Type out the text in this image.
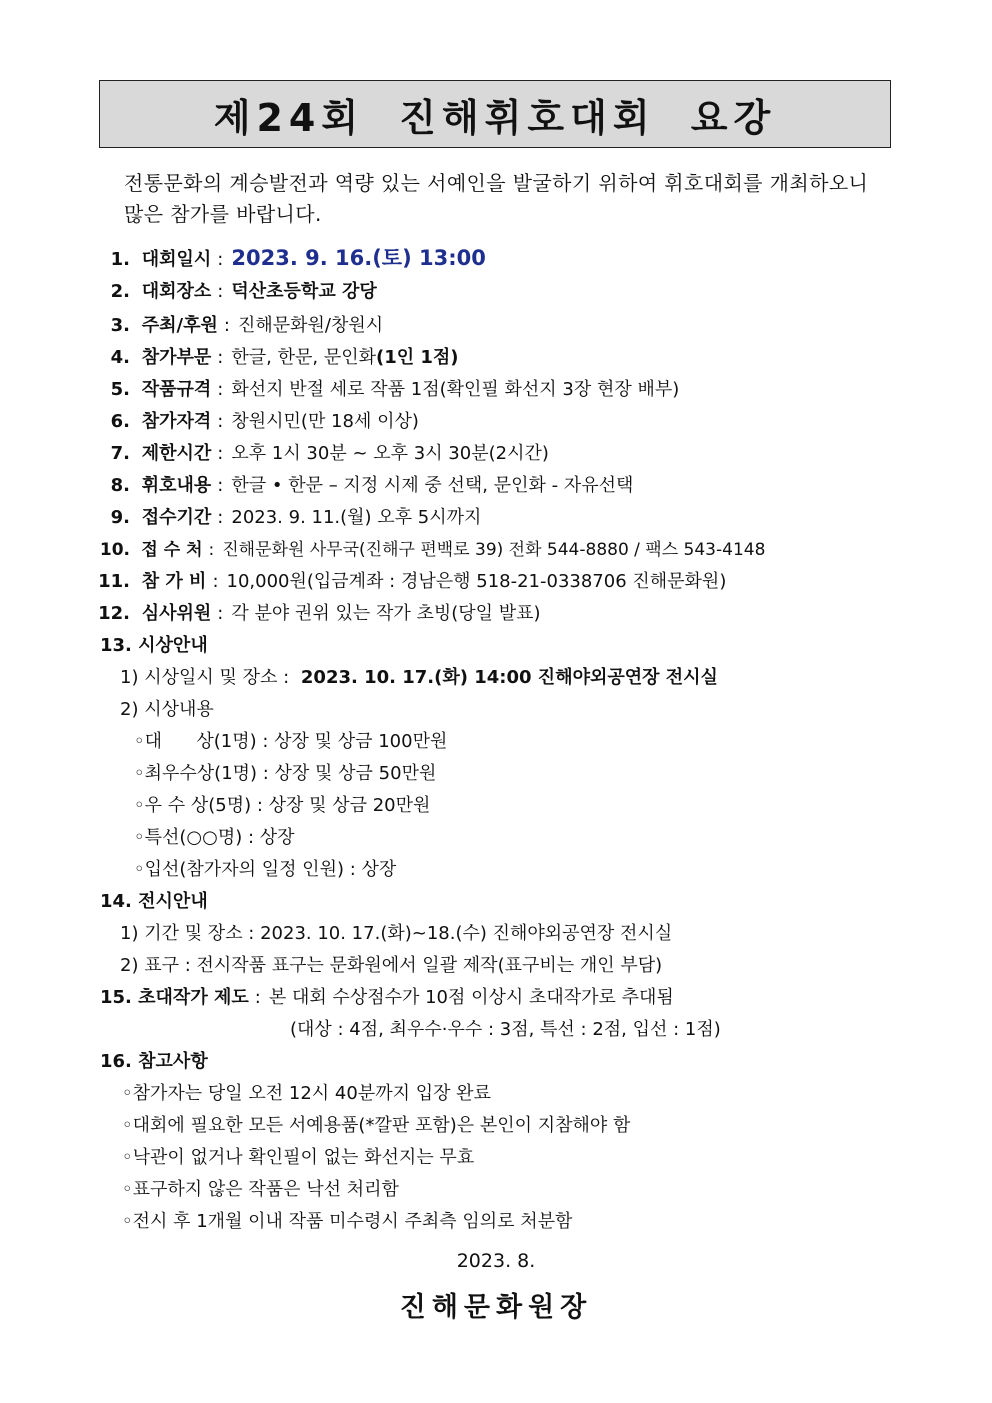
제24회 진해휘호대회 요강
전통문화의 계승발전과 역량 있는 서예인을 발굴하기 위하여 휘호대회를 개최하오니 많은 참가를 바랍니다.
1. 대회일시 : 2023. 9. 16.(토) 13:00
2. 대회장소 : 덕산초등학교 강당
3. 주최/후원 : 진해문화원/창원시
4. 참가부문 : 한글, 한문, 문인화(1인 1점)
5. 작품규격 : 화선지 반절 세로 작품 1점(확인필 화선지 3장 현장 배부)
6. 참가자격 : 창원시민(만 18세 이상)
7. 제한시간 : 오후 1시 30분 ~ 오후 3시 30분(2시간)
8. 휘호내용 : 한글 • 한문 – 지정 시제 중 선택, 문인화 - 자유선택
9. 접수기간 : 2023. 9. 11.(월) 오후 5시까지
10. 접 수 처 : 진해문화원 사무국(진해구 편백로 39) 전화 544-8880 / 팩스 543-4148
11. 참 가 비 : 10,000원(입금계좌 : 경남은행 518-21-0338706 진해문화원)
12. 심사위원 : 각 분야 권위 있는 작가 초빙(당일 발표)
13. 시상안내
1) 시상일시 및 장소 : 2023. 10. 17.(화) 14:00 진해야외공연장 전시실
2) 시상내용
◦대      상(1명) : 상장 및 상금 100만원
◦최우수상(1명) : 상장 및 상금 50만원
◦우 수 상(5명) : 상장 및 상금 20만원
◦특선(○○명) : 상장
◦입선(참가자의 일정 인원) : 상장
14. 전시안내
1) 기간 및 장소 : 2023. 10. 17.(화)~18.(수) 진해야외공연장 전시실
2) 표구 : 전시작품 표구는 문화원에서 일괄 제작(표구비는 개인 부담)
15. 초대작가 제도 : 본 대회 수상점수가 10점 이상시 초대작가로 추대됨
(대상 : 4점, 최우수·우수 : 3점, 특선 : 2점, 입선 : 1점)
16. 참고사항
◦참가자는 당일 오전 12시 40분까지 입장 완료
◦대회에 필요한 모든 서예용품(*깔판 포함)은 본인이 지참해야 함
◦낙관이 없거나 확인필이 없는 화선지는 무효
◦표구하지 않은 작품은 낙선 처리함
◦전시 후 1개월 이내 작품 미수령시 주최측 임의로 처분함
2023. 8.
진해문화원장
